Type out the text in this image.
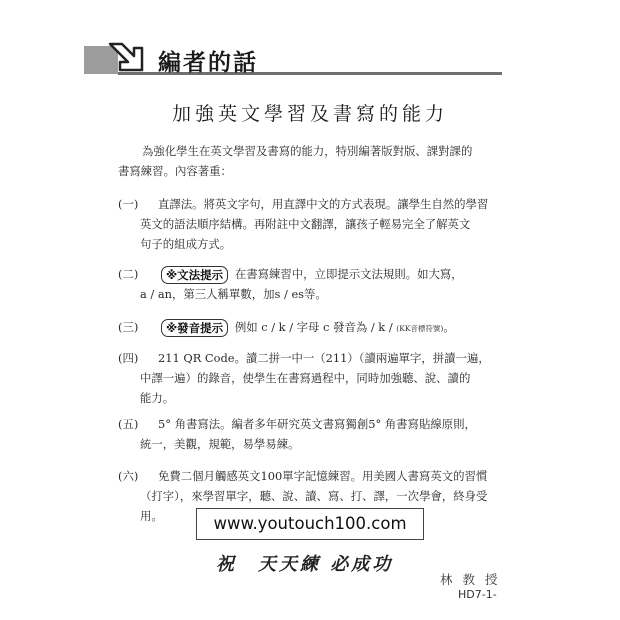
編者的話
加強英文學習及書寫的能力
為強化學生在英文學習及書寫的能力，特別編著版對版、課對課的
書寫練習。內容著重：
(一) 直譯法。將英文字句，用直譯中文的方式表現。讓學生自然的學習
英文的語法順序結構。再附註中文翻譯，讓孩子輕易完全了解英文
句子的組成方式。
(二)	※文法提示 在書寫練習中，立即提示文法規則。如大寫，
a / an，第三人稱單數，加s / es等。
(三)	※發音提示 例如 c / k / 字母 c 發音為 / k / (KK音標符號)。
(四) 211 QR Code。讀二拼一中一（211）（讀兩遍單字，拼讀一遍，
中譯一遍）的錄音，使學生在書寫過程中，同時加強聽、說、讀的
能力。
(五) 5° 角書寫法。編者多年研究英文書寫獨創5° 角書寫貼線原則，
統一，美觀，規範，易學易練。
(六) 免費二個月觸感英文100單字記憶練習。用美國人書寫英文的習慣
（打字），來學習單字，聽、說、讀、寫、打、譯，一次學會，終身受
用。	www.youtouch100.com
祝　天天練 必成功
林 教 授
HD7-1-
